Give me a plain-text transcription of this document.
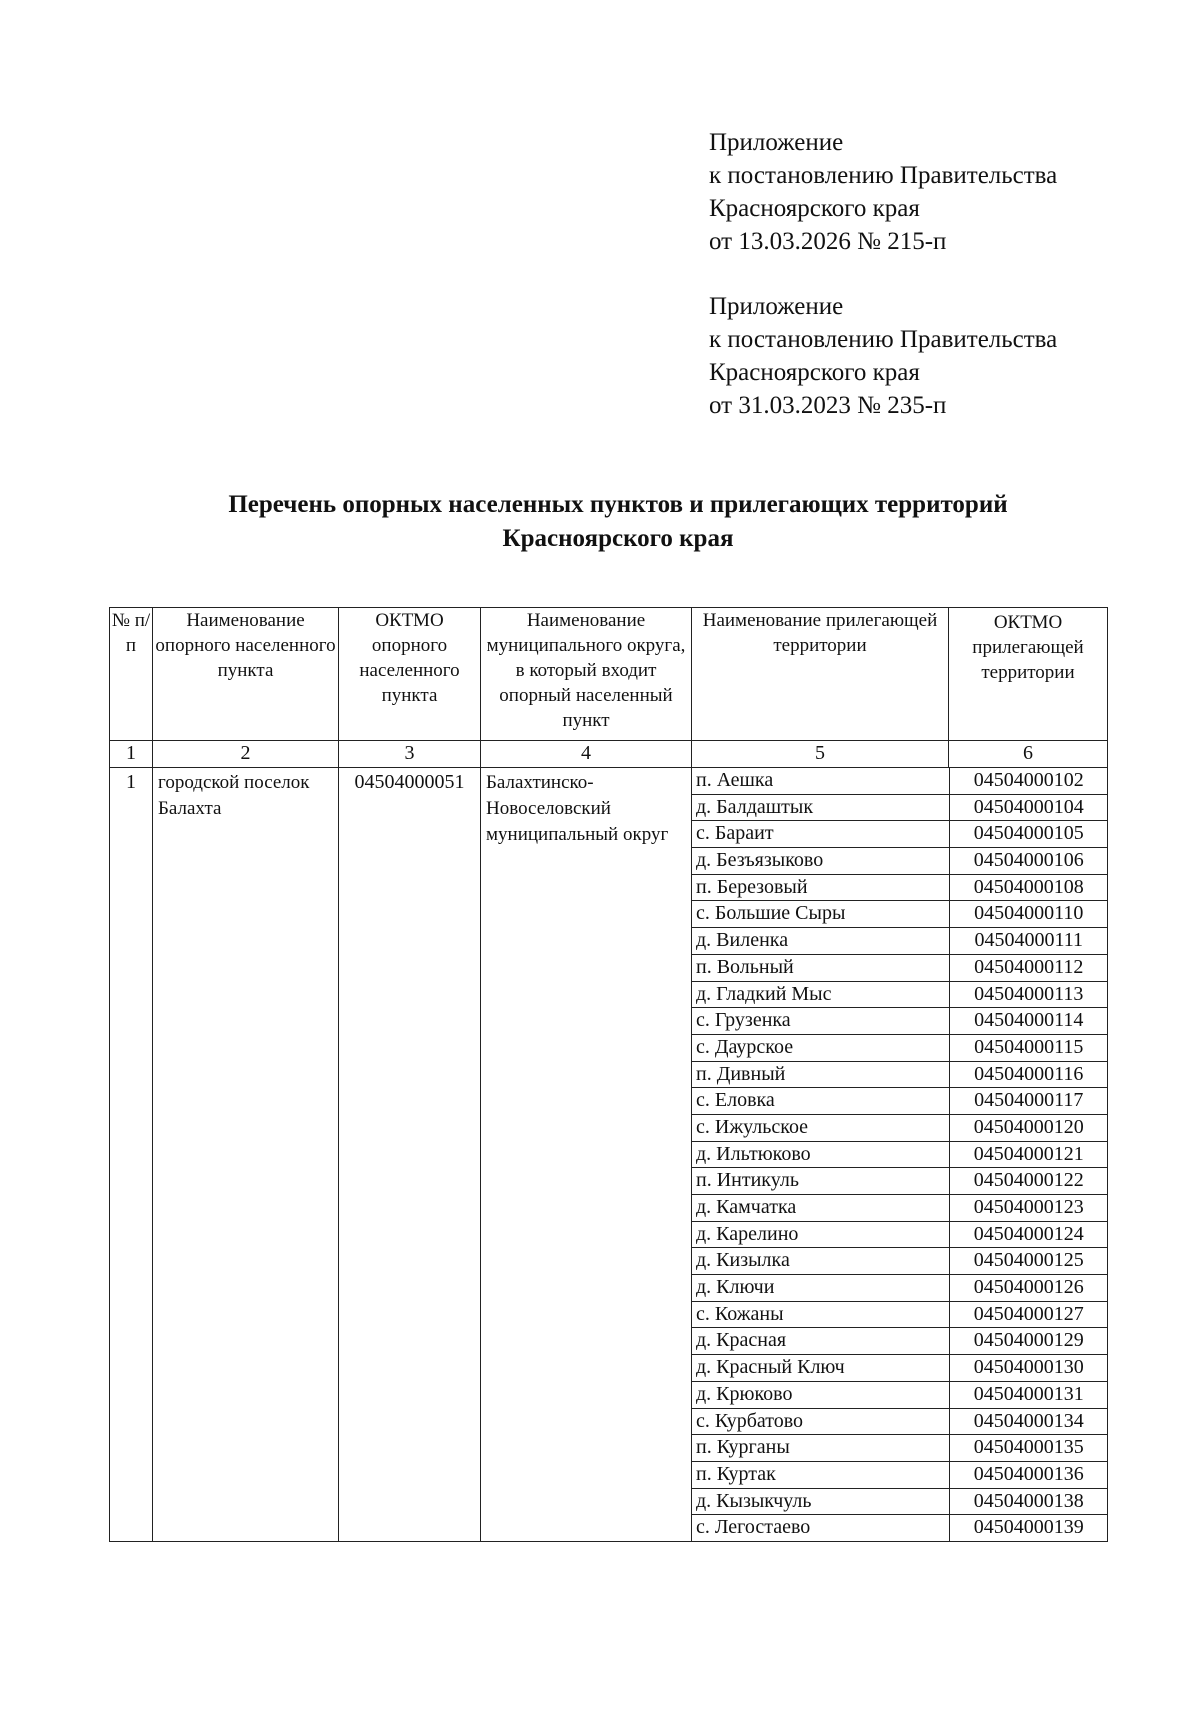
Приложение
к постановлению Правительства
Красноярского края
от 13.03.2026 № 215-п
Приложение
к постановлению Правительства
Красноярского края
от 31.03.2023 № 235-п
Перечень опорных населенных пунктов и прилегающих территорий
Красноярского края
№ п/п	Наименование опорного населенного пункта	ОКТМО опорного населенного пункта	Наименование муниципального округа, в который входит опорный населенный пункт	Наименование прилегающей территории	ОКТМО прилегающей территории
1	2	3	4	5	6
1	городской поселок Балахта	04504000051	Балахтинско-Новоселовский муниципальный округ	
п. Аешка	04504000102
д. Балдаштык	04504000104
с. Бараит	04504000105
д. Безъязыково	04504000106
п. Березовый	04504000108
с. Большие Сыры	04504000110
д. Виленка	04504000111
п. Вольный	04504000112
д. Гладкий Мыс	04504000113
с. Грузенка	04504000114
с. Даурское	04504000115
п. Дивный	04504000116
с. Еловка	04504000117
с. Ижульское	04504000120
д. Ильтюково	04504000121
п. Интикуль	04504000122
д. Камчатка	04504000123
д. Карелино	04504000124
д. Кизылка	04504000125
д. Ключи	04504000126
с. Кожаны	04504000127
д. Красная	04504000129
д. Красный Ключ	04504000130
д. Крюково	04504000131
с. Курбатово	04504000134
п. Курганы	04504000135
п. Куртак	04504000136
д. Кызыкчуль	04504000138
с. Легостаево	04504000139
